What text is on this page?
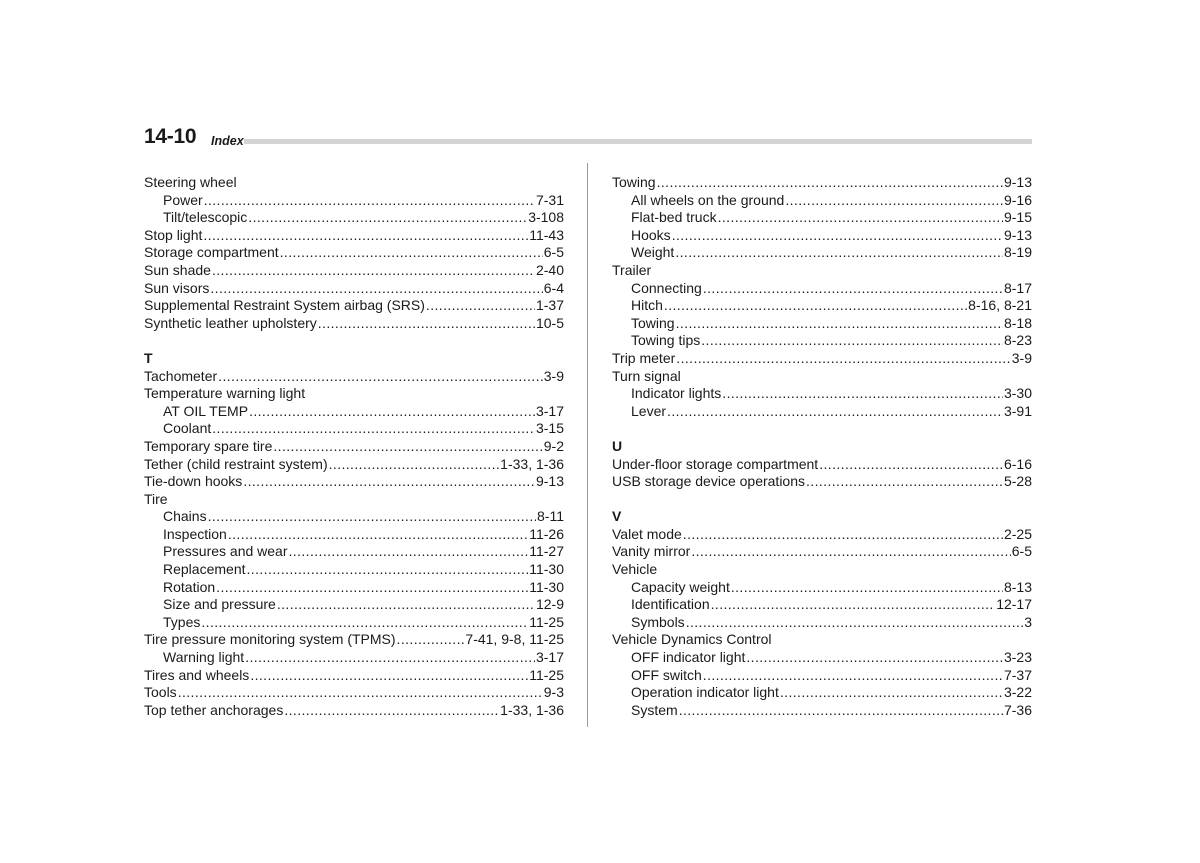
14-10 Index
Steering wheel
Power .....	7-31
Tilt/telescopic .....	3-108
Stop light .....	11-43
Storage compartment .....	6-5
Sun shade .....	2-40
Sun visors .....	6-4
Supplemental Restraint System airbag (SRS) .....	1-37
Synthetic leather upholstery .....	10-5
T
Tachometer .....	3-9
Temperature warning light
AT OIL TEMP .....	3-17
Coolant .....	3-15
Temporary spare tire .....	9-2
Tether (child restraint system) .....	1-33, 1-36
Tie-down hooks .....	9-13
Tire
Chains .....	8-11
Inspection .....	11-26
Pressures and wear .....	11-27
Replacement .....	11-30
Rotation .....	11-30
Size and pressure .....	12-9
Types .....	11-25
Tire pressure monitoring system (TPMS) .....	7-41, 9-8, 11-25
Warning light .....	3-17
Tires and wheels .....	11-25
Tools .....	9-3
Top tether anchorages .....	1-33, 1-36
Towing .....	9-13
All wheels on the ground .....	9-16
Flat-bed truck .....	9-15
Hooks .....	9-13
Weight .....	8-19
Trailer
Connecting .....	8-17
Hitch .....	8-16, 8-21
Towing .....	8-18
Towing tips .....	8-23
Trip meter .....	3-9
Turn signal
Indicator lights .....	3-30
Lever .....	3-91
U
Under-floor storage compartment .....	6-16
USB storage device operations .....	5-28
V
Valet mode .....	2-25
Vanity mirror .....	6-5
Vehicle
Capacity weight .....	8-13
Identification .....	12-17
Symbols .....	3
Vehicle Dynamics Control
OFF indicator light .....	3-23
OFF switch .....	7-37
Operation indicator light .....	3-22
System .....	7-36
